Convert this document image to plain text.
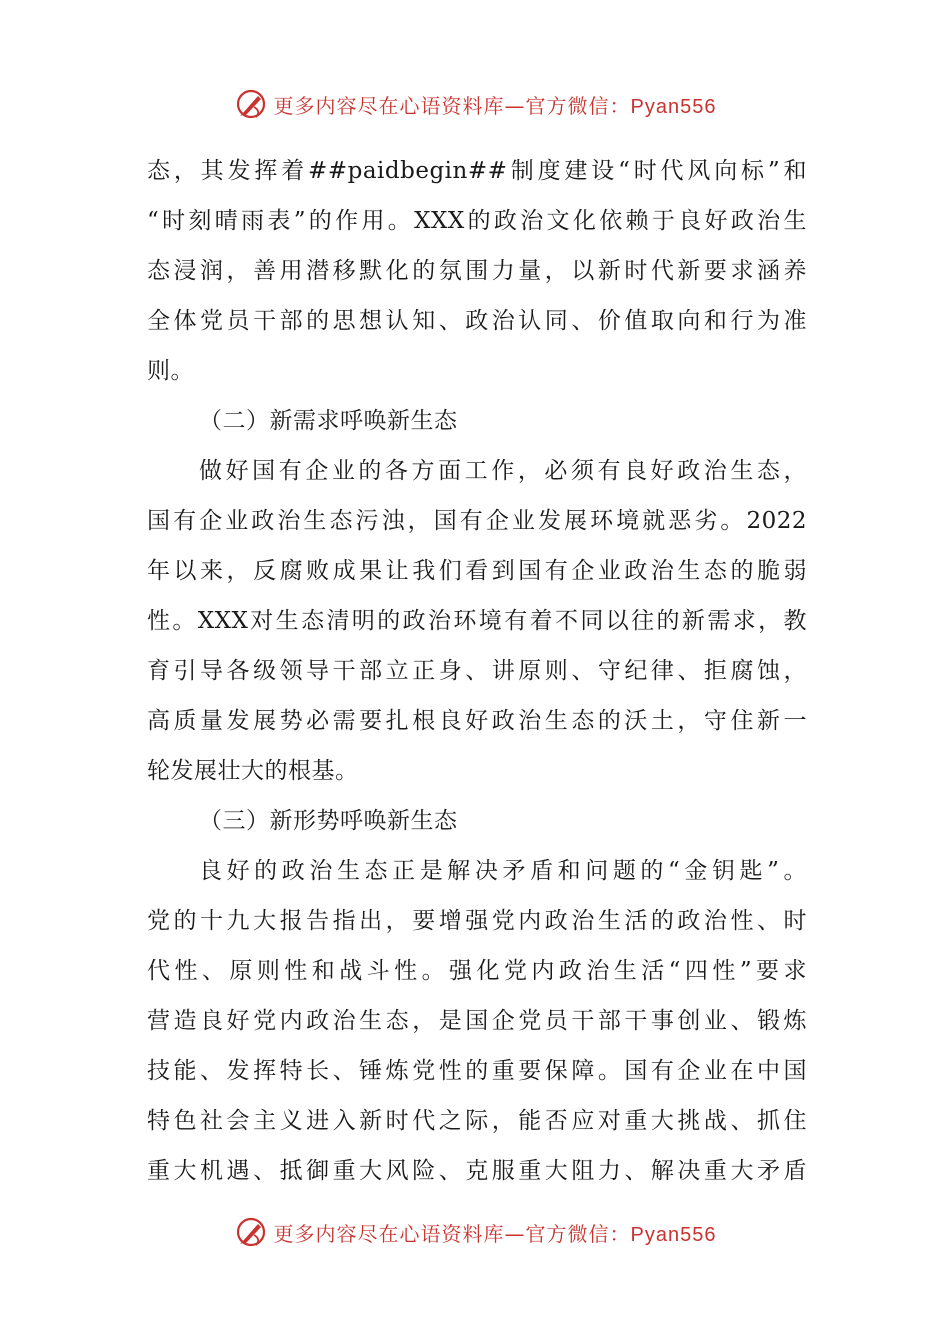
更多内容尽在心语资料库—官方微信：Pyan556
态，其发挥着##paidbegin##制度建设“时代风向标”和
“时刻晴雨表”的作用。XXX的政治文化依赖于良好政治生
态浸润，善用潜移默化的氛围力量，以新时代新要求涵养
全体党员干部的思想认知、政治认同、价值取向和行为准
则。
（二）新需求呼唤新生态
做好国有企业的各方面工作，必须有良好政治生态，
国有企业政治生态污浊，国有企业发展环境就恶劣。2022
年以来，反腐败成果让我们看到国有企业政治生态的脆弱
性。XXX对生态清明的政治环境有着不同以往的新需求，教
育引导各级领导干部立正身、讲原则、守纪律、拒腐蚀，
高质量发展势必需要扎根良好政治生态的沃土，守住新一
轮发展壮大的根基。
（三）新形势呼唤新生态
良好的政治生态正是解决矛盾和问题的“金钥匙”。
党的十九大报告指出，要增强党内政治生活的政治性、时
代性、原则性和战斗性。强化党内政治生活“四性”要求
营造良好党内政治生态，是国企党员干部干事创业、锻炼
技能、发挥特长、锤炼党性的重要保障。国有企业在中国
特色社会主义进入新时代之际，能否应对重大挑战、抓住
重大机遇、抵御重大风险、克服重大阻力、解决重大矛盾
更多内容尽在心语资料库—官方微信：Pyan556
